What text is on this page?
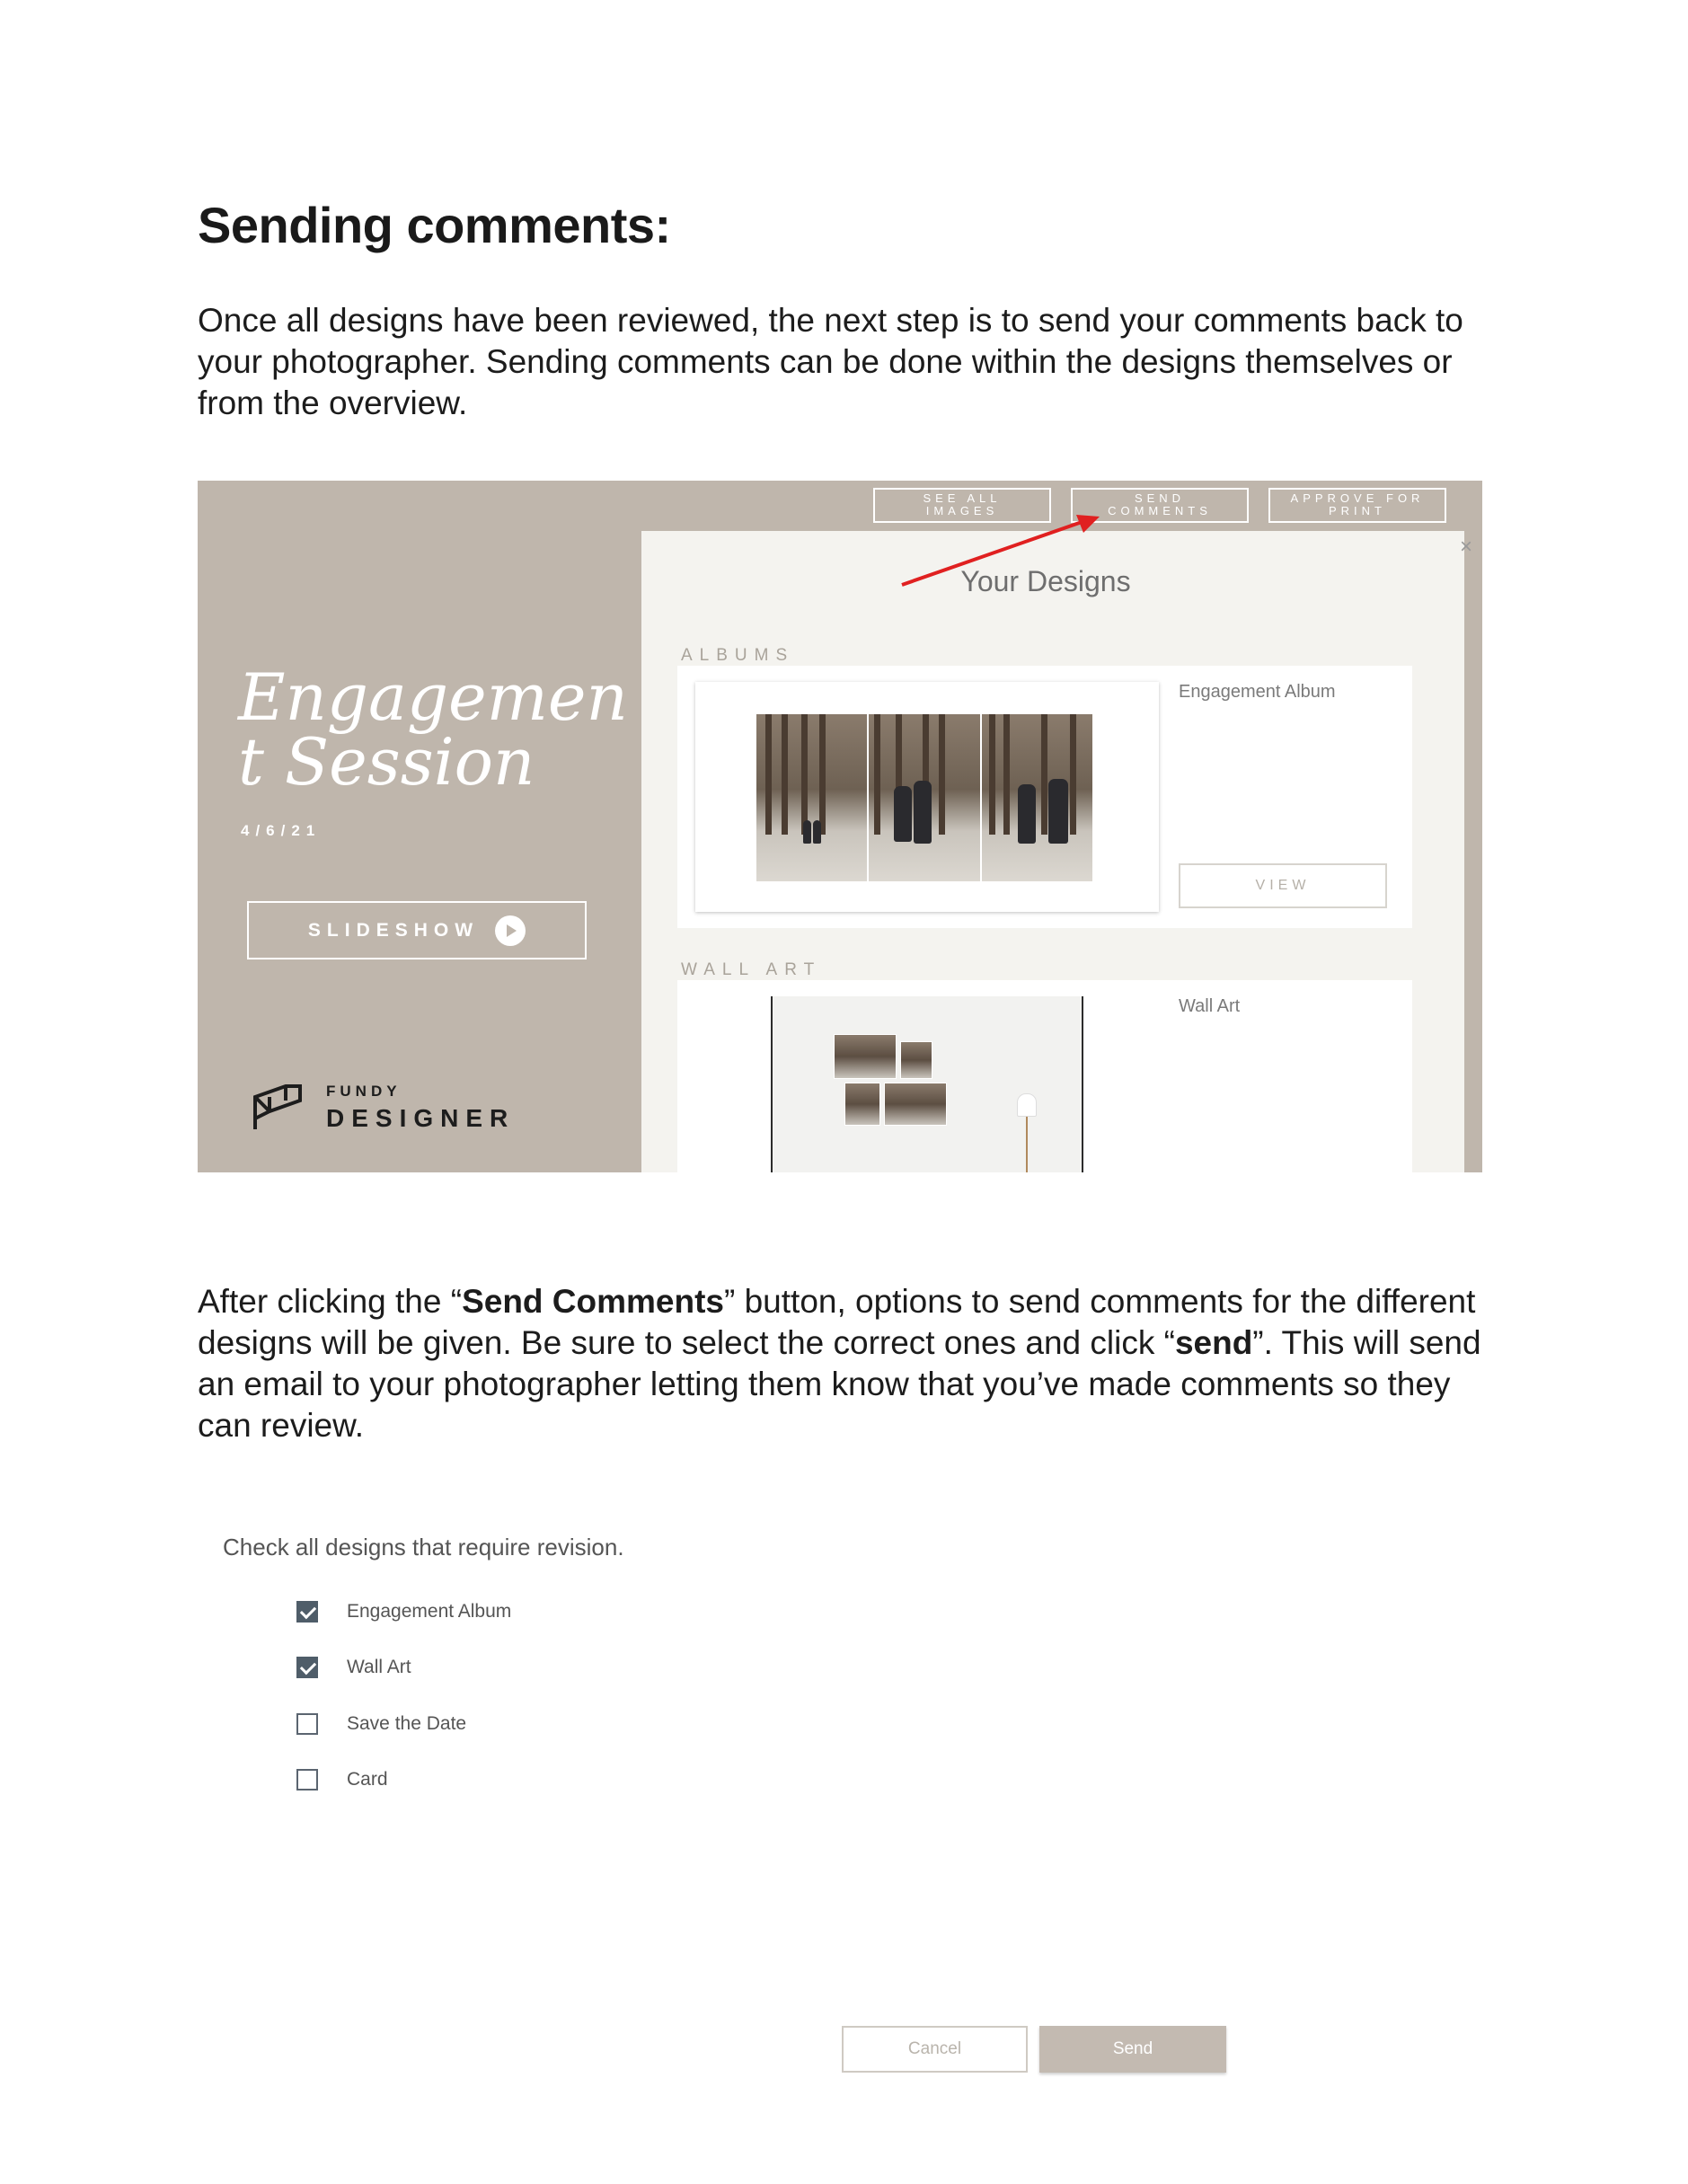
Sending comments:
Once all designs have been reviewed, the next step is to send your comments back to your photographer. Sending comments can be done within the designs themselves or from the overview.
SEE ALL
IMAGES
SEND
COMMENTS
APPROVE FOR
PRINT
Engagemen
t Session
4/6/21
SLIDESHOW
FUNDY
DESIGNER
Your Designs
ALBUMS
Engagement Album
VIEW
WALL ART
Wall Art
×
After clicking the “Send Comments” button, options to send comments for the different designs will be given. Be sure to select the correct ones and click “send”. This will send an email to your photographer letting them know that you’ve made comments so they can review.
Check all designs that require revision.
Engagement Album
Wall Art
Save the Date
Card
Cancel	Send
